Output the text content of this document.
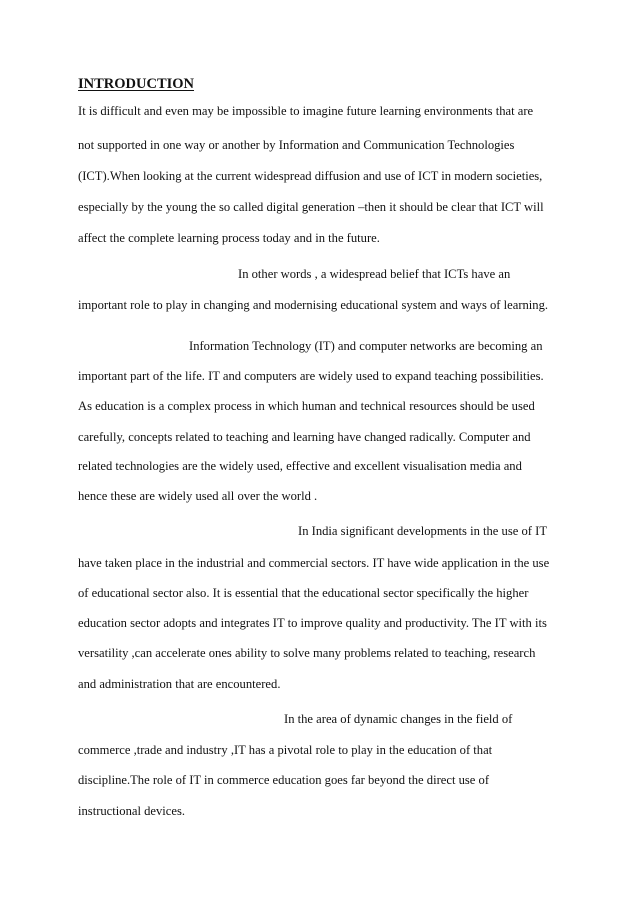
INTRODUCTION
It is difficult and even may be impossible to imagine future learning environments that are
not supported in one way or another by Information and Communication Technologies
(ICT).When looking at the current widespread diffusion and use of ICT in modern societies,
especially by the young the so called digital generation –then it should be clear that ICT will
affect the complete learning process today and in the future.
In other words , a widespread belief that ICTs have an
important role to play in changing and modernising educational system and ways of learning.
Information Technology (IT) and computer networks are becoming an
important part of the life. IT and computers are widely used to expand teaching possibilities.
As education is a complex process in which human and technical resources should be used
carefully, concepts related to teaching and learning have changed radically. Computer and
related technologies are the widely used, effective and excellent visualisation media and
hence these are widely used all over the world .
In India significant developments in the use of IT
have taken place in the industrial and commercial sectors. IT have wide application in the use
of educational sector also. It is essential that the educational sector specifically the higher
education sector adopts and integrates IT to improve quality and productivity. The IT with its
versatility ,can accelerate ones ability to solve many problems related to teaching, research
and administration that are encountered.
In the area of dynamic changes in the field of
commerce ,trade and industry ,IT has a pivotal role to play in the education of that
discipline.The role of IT in commerce education goes far beyond the direct use of
instructional devices.
